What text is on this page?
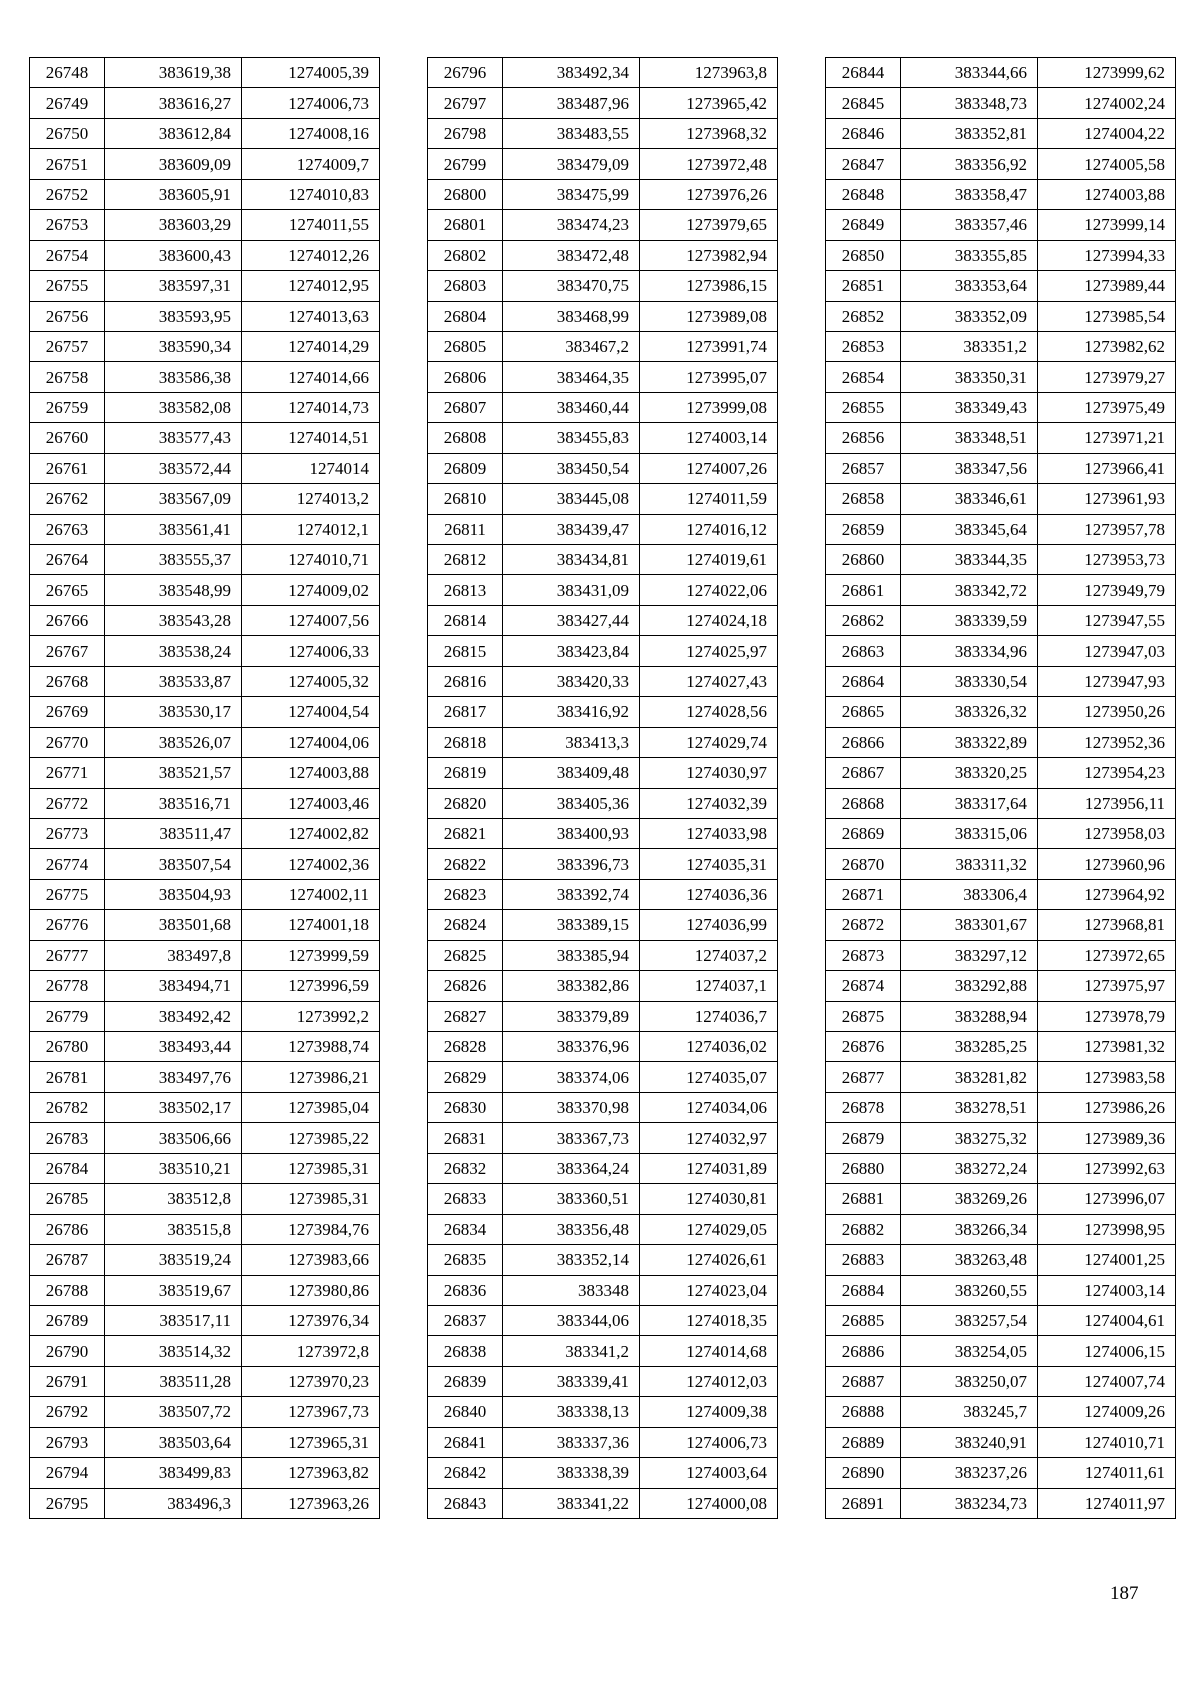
26748	383619,38	1274005,39
26749	383616,27	1274006,73
26750	383612,84	1274008,16
26751	383609,09	1274009,7
26752	383605,91	1274010,83
26753	383603,29	1274011,55
26754	383600,43	1274012,26
26755	383597,31	1274012,95
26756	383593,95	1274013,63
26757	383590,34	1274014,29
26758	383586,38	1274014,66
26759	383582,08	1274014,73
26760	383577,43	1274014,51
26761	383572,44	1274014
26762	383567,09	1274013,2
26763	383561,41	1274012,1
26764	383555,37	1274010,71
26765	383548,99	1274009,02
26766	383543,28	1274007,56
26767	383538,24	1274006,33
26768	383533,87	1274005,32
26769	383530,17	1274004,54
26770	383526,07	1274004,06
26771	383521,57	1274003,88
26772	383516,71	1274003,46
26773	383511,47	1274002,82
26774	383507,54	1274002,36
26775	383504,93	1274002,11
26776	383501,68	1274001,18
26777	383497,8	1273999,59
26778	383494,71	1273996,59
26779	383492,42	1273992,2
26780	383493,44	1273988,74
26781	383497,76	1273986,21
26782	383502,17	1273985,04
26783	383506,66	1273985,22
26784	383510,21	1273985,31
26785	383512,8	1273985,31
26786	383515,8	1273984,76
26787	383519,24	1273983,66
26788	383519,67	1273980,86
26789	383517,11	1273976,34
26790	383514,32	1273972,8
26791	383511,28	1273970,23
26792	383507,72	1273967,73
26793	383503,64	1273965,31
26794	383499,83	1273963,82
26795	383496,3	1273963,26
26796	383492,34	1273963,8
26797	383487,96	1273965,42
26798	383483,55	1273968,32
26799	383479,09	1273972,48
26800	383475,99	1273976,26
26801	383474,23	1273979,65
26802	383472,48	1273982,94
26803	383470,75	1273986,15
26804	383468,99	1273989,08
26805	383467,2	1273991,74
26806	383464,35	1273995,07
26807	383460,44	1273999,08
26808	383455,83	1274003,14
26809	383450,54	1274007,26
26810	383445,08	1274011,59
26811	383439,47	1274016,12
26812	383434,81	1274019,61
26813	383431,09	1274022,06
26814	383427,44	1274024,18
26815	383423,84	1274025,97
26816	383420,33	1274027,43
26817	383416,92	1274028,56
26818	383413,3	1274029,74
26819	383409,48	1274030,97
26820	383405,36	1274032,39
26821	383400,93	1274033,98
26822	383396,73	1274035,31
26823	383392,74	1274036,36
26824	383389,15	1274036,99
26825	383385,94	1274037,2
26826	383382,86	1274037,1
26827	383379,89	1274036,7
26828	383376,96	1274036,02
26829	383374,06	1274035,07
26830	383370,98	1274034,06
26831	383367,73	1274032,97
26832	383364,24	1274031,89
26833	383360,51	1274030,81
26834	383356,48	1274029,05
26835	383352,14	1274026,61
26836	383348	1274023,04
26837	383344,06	1274018,35
26838	383341,2	1274014,68
26839	383339,41	1274012,03
26840	383338,13	1274009,38
26841	383337,36	1274006,73
26842	383338,39	1274003,64
26843	383341,22	1274000,08
26844	383344,66	1273999,62
26845	383348,73	1274002,24
26846	383352,81	1274004,22
26847	383356,92	1274005,58
26848	383358,47	1274003,88
26849	383357,46	1273999,14
26850	383355,85	1273994,33
26851	383353,64	1273989,44
26852	383352,09	1273985,54
26853	383351,2	1273982,62
26854	383350,31	1273979,27
26855	383349,43	1273975,49
26856	383348,51	1273971,21
26857	383347,56	1273966,41
26858	383346,61	1273961,93
26859	383345,64	1273957,78
26860	383344,35	1273953,73
26861	383342,72	1273949,79
26862	383339,59	1273947,55
26863	383334,96	1273947,03
26864	383330,54	1273947,93
26865	383326,32	1273950,26
26866	383322,89	1273952,36
26867	383320,25	1273954,23
26868	383317,64	1273956,11
26869	383315,06	1273958,03
26870	383311,32	1273960,96
26871	383306,4	1273964,92
26872	383301,67	1273968,81
26873	383297,12	1273972,65
26874	383292,88	1273975,97
26875	383288,94	1273978,79
26876	383285,25	1273981,32
26877	383281,82	1273983,58
26878	383278,51	1273986,26
26879	383275,32	1273989,36
26880	383272,24	1273992,63
26881	383269,26	1273996,07
26882	383266,34	1273998,95
26883	383263,48	1274001,25
26884	383260,55	1274003,14
26885	383257,54	1274004,61
26886	383254,05	1274006,15
26887	383250,07	1274007,74
26888	383245,7	1274009,26
26889	383240,91	1274010,71
26890	383237,26	1274011,61
26891	383234,73	1274011,97
187
